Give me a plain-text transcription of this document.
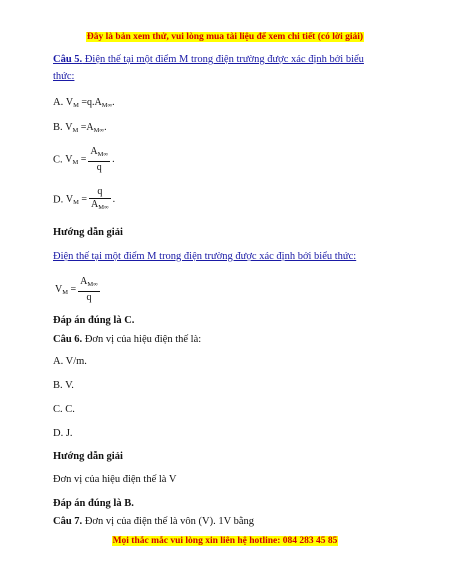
Đây là bản xem thử, vui lòng mua tài liệu để xem chi tiết (có lời giải)
Câu 5. Điện thế tại một điểm M trong điện trường được xác định bởi biểu
thức:
A. $V_M =q.A_{M\infty}$.
B. $V_M =A_{M\infty}$.
C. $V_M = \frac{A_{M\infty}}{q}$ .
D. $V_M = \frac{q}{A_{M\infty}}$ .
Hướng dẫn giải
Điện thế tại một điểm M trong điện trường được xác định bởi biểu thức:
$V_M = \frac{A_{M\infty}}{q}$
Đáp án đúng là C.
Câu 6. Đơn vị của hiệu điện thế là:
A. V/m.
B. V.
C. C.
D. J.
Hướng dẫn giải
Đơn vị của hiệu điện thế là V
Đáp án đúng là B.
Câu 7. Đơn vị của điện thế là vôn (V). 1V bằng
Mọi thắc mắc vui lòng xin liên hệ hotline: 084 283 45 85
